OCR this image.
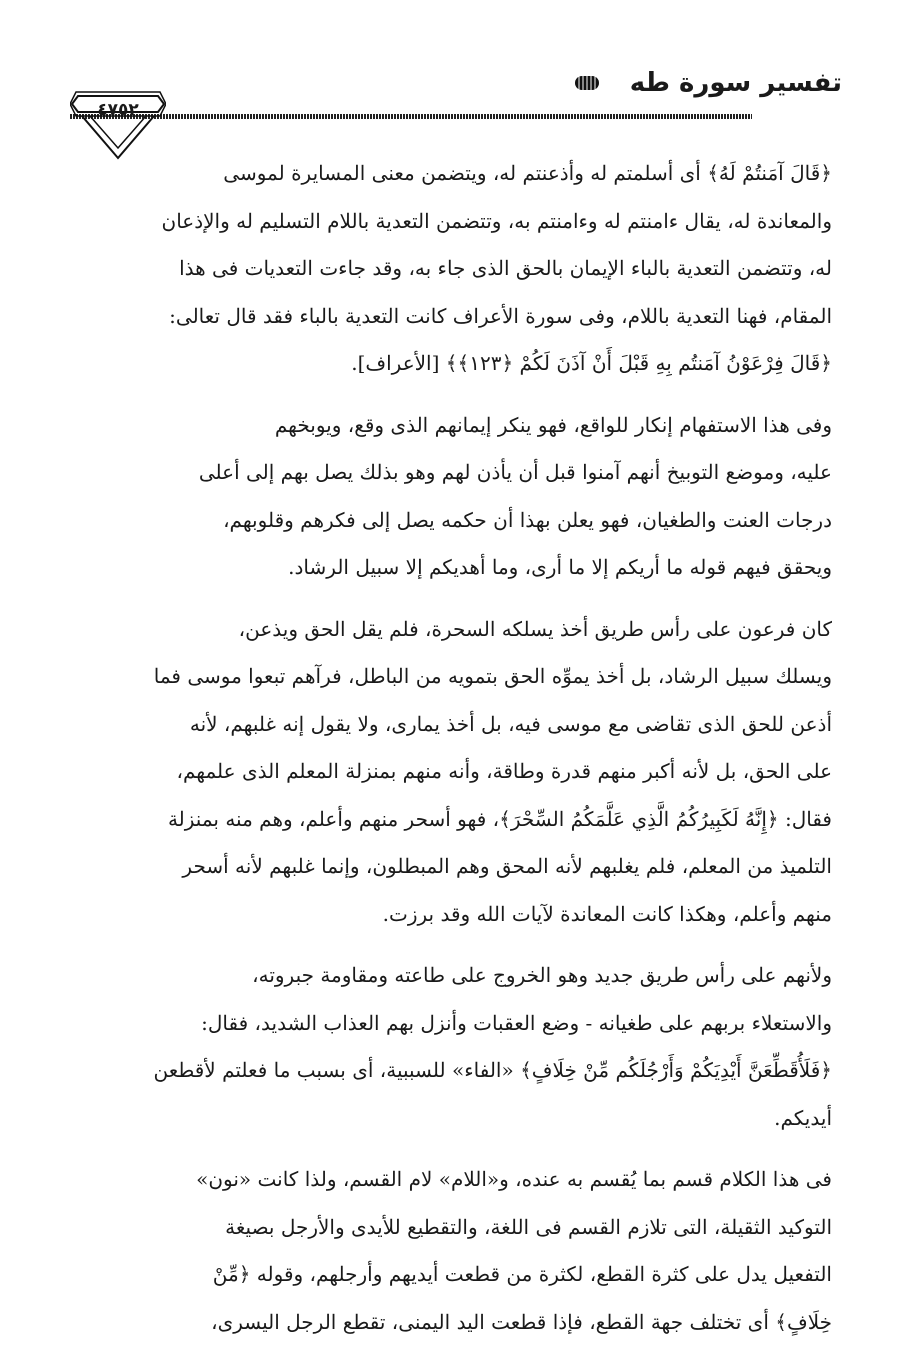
تفسير سورة طه
٤٧٥٢

﴿قَالَ آمَنتُمْ لَهُ﴾ أى أسلمتم له وأذعنتم له، ويتضمن معنى المسايرة لموسى
والمعاندة له، يقال ءامنتم له وءامنتم به، وتتضمن التعدية باللام التسليم له والإذعان
له، وتتضمن التعدية بالباء الإيمان بالحق الذى جاء به، وقد جاءت التعديات فى هذا
المقام، فهنا التعدية باللام، وفى سورة الأعراف كانت التعدية بالباء فقد قال تعالى:
﴿قَالَ فِرْعَوْنُ آمَنتُم بِهِ قَبْلَ أَنْ آذَنَ لَكُمْ ﴿١٢٣﴾﴾ [الأعراف].

وفى هذا الاستفهام إنكار للواقع، فهو ينكر إيمانهم الذى وقع، ويوبخهم
عليه، وموضع التوبيخ أنهم آمنوا قبل أن يأذن لهم وهو بذلك يصل بهم إلى أعلى
درجات العنت والطغيان، فهو يعلن بهذا أن حكمه يصل إلى فكرهم وقلوبهم،
ويحقق فيهم قوله ما أريكم إلا ما أرى، وما أهديكم إلا سبيل الرشاد.

كان فرعون على رأس طريق أخذ يسلكه السحرة، فلم يقل الحق ويذعن،
ويسلك سبيل الرشاد، بل أخذ يموِّه الحق بتمويه من الباطل، فرآهم تبعوا موسى فما
أذعن للحق الذى تقاضى مع موسى فيه، بل أخذ يمارى، ولا يقول إنه غلبهم، لأنه
على الحق، بل لأنه أكبر منهم قدرة وطاقة، وأنه منهم بمنزلة المعلم الذى علمهم،
فقال: ﴿إِنَّهُ لَكَبِيرُكُمُ الَّذِي عَلَّمَكُمُ السِّحْرَ﴾، فهو أسحر منهم وأعلم، وهم منه بمنزلة
التلميذ من المعلم، فلم يغلبهم لأنه المحق وهم المبطلون، وإنما غلبهم لأنه أسحر
منهم وأعلم، وهكذا كانت المعاندة لآيات الله وقد برزت.

ولأنهم على رأس طريق جديد وهو الخروج على طاعته ومقاومة جبروته،
والاستعلاء بربهم على طغيانه - وضع العقبات وأنزل بهم العذاب الشديد، فقال:
﴿فَلَأُقَطِّعَنَّ أَيْدِيَكُمْ وَأَرْجُلَكُم مِّنْ خِلَافٍ﴾ «الفاء» للسببية، أى بسبب ما فعلتم لأقطعن
أيديكم.

فى هذا الكلام قسم بما يُقسم به عنده، و«اللام» لام القسم، ولذا كانت «نون»
التوكيد الثقيلة، التى تلازم القسم فى اللغة، والتقطيع للأيدى والأرجل بصيغة
التفعيل يدل على كثرة القطع، لكثرة من قطعت أيديهم وأرجلهم، وقوله ﴿مِّنْ
خِلَافٍ﴾ أى تختلف جهة القطع، فإذا قطعت اليد اليمنى، تقطع الرجل اليسرى،
